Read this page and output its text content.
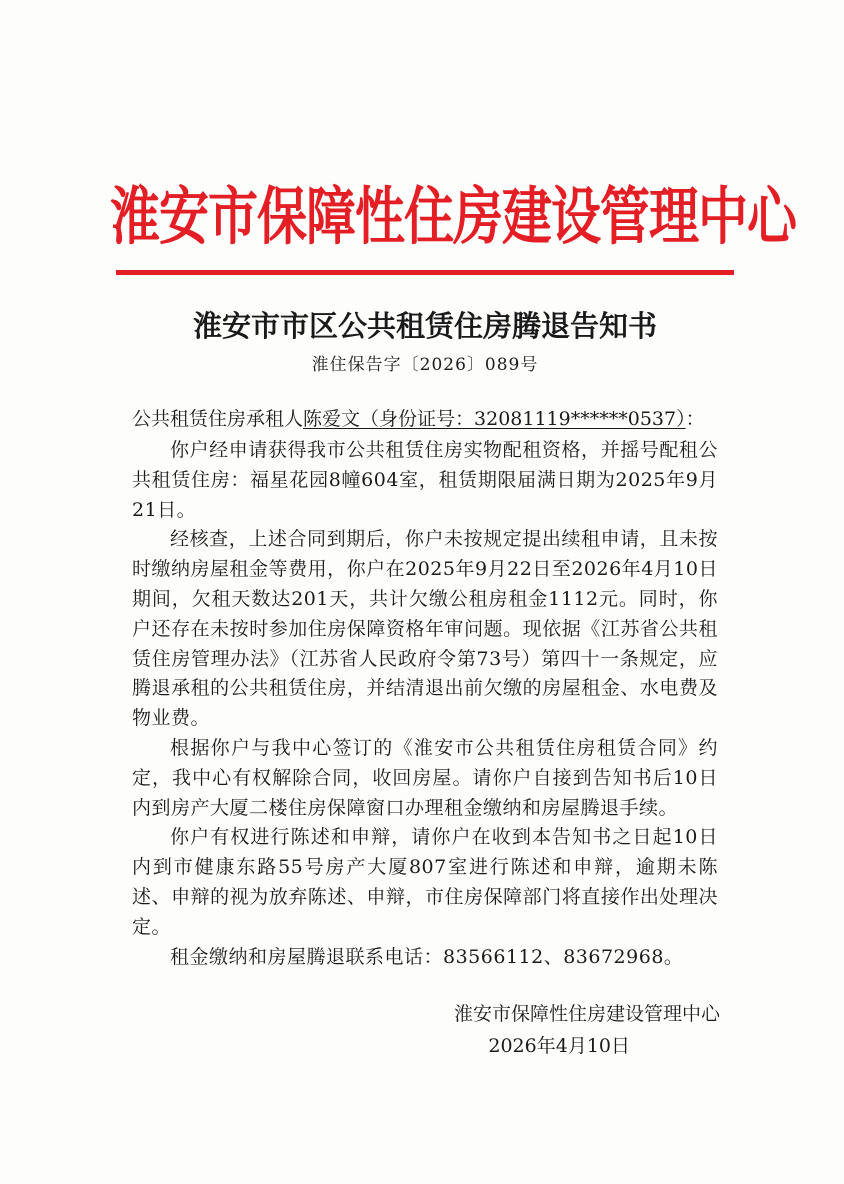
淮安市保障性住房建设管理中心
淮安市市区公共租赁住房腾退告知书
淮住保告字〔2026〕089号
公共租赁住房承租人陈爱文（身份证号：32081119******0537）：

你户经申请获得我市公共租赁住房实物配租资格，并摇号配租公共租赁住房：福星花园8幢604室，租赁期限届满日期为2025年9月21日。

经核查，上述合同到期后，你户未按规定提出续租申请，且未按时缴纳房屋租金等费用，你户在2025年9月22日至2026年4月10日期间，欠租天数达201天，共计欠缴公租房租金1112元。同时，你户还存在未按时参加住房保障资格年审问题。现依据《江苏省公共租赁住房管理办法》（江苏省人民政府令第73号）第四十一条规定，应腾退承租的公共租赁住房，并结清退出前欠缴的房屋租金、水电费及物业费。

根据你户与我中心签订的《淮安市公共租赁住房租赁合同》约定，我中心有权解除合同，收回房屋。请你户自接到告知书后10日内到房产大厦二楼住房保障窗口办理租金缴纳和房屋腾退手续。

你户有权进行陈述和申辩，请你户在收到本告知书之日起10日内到市健康东路55号房产大厦807室进行陈述和申辩，逾期未陈述、申辩的视为放弃陈述、申辩，市住房保障部门将直接作出处理决定。

租金缴纳和房屋腾退联系电话：83566112、83672968。

淮安市保障性住房建设管理中心
2026年4月10日
